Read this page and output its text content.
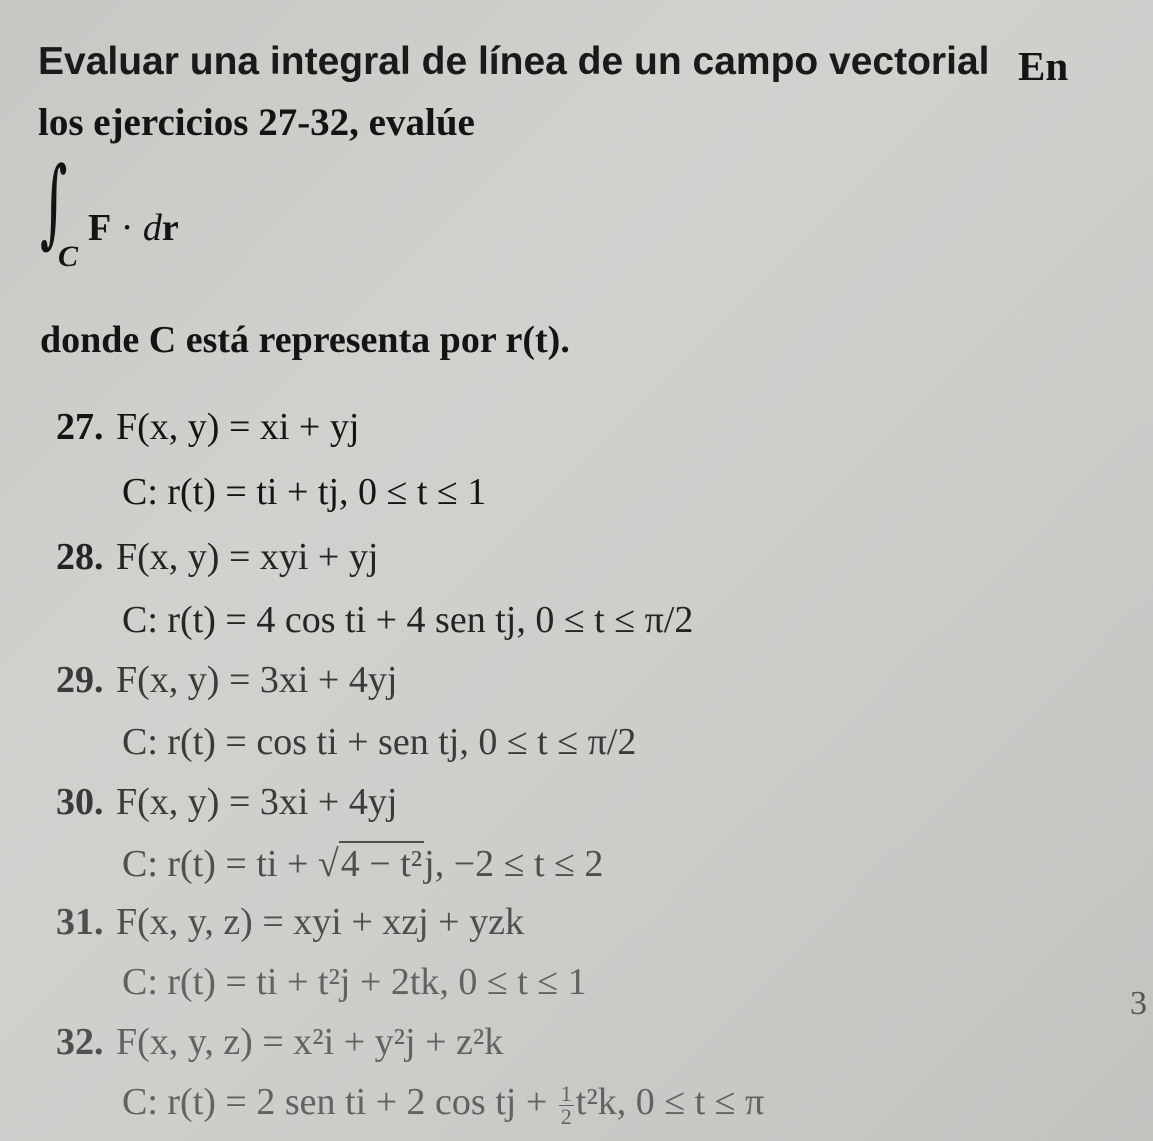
Evaluar una integral de línea de un campo vectorial En
los ejercicios 27-32, evalúe
∫
C
F · dr
donde C está representa por r(t).
27. F(x, y) = xi + yj
C: r(t) = ti + tj, 0 ≤ t ≤ 1
28. F(x, y) = xyi + yj
C: r(t) = 4 cos ti + 4 sen tj, 0 ≤ t ≤ π/2
29. F(x, y) = 3xi + 4yj
C: r(t) = cos ti + sen tj, 0 ≤ t ≤ π/2
30. F(x, y) = 3xi + 4yj
C: r(t) = ti + √4 − t²j, −2 ≤ t ≤ 2
31. F(x, y, z) = xyi + xzj + yzk
C: r(t) = ti + t²j + 2tk, 0 ≤ t ≤ 1
32. F(x, y, z) = x²i + y²j + z²k
C: r(t) = 2 sen ti + 2 cos tj + $\frac{1}{2} t^2k$, 0 ≤ t ≤ π
3
